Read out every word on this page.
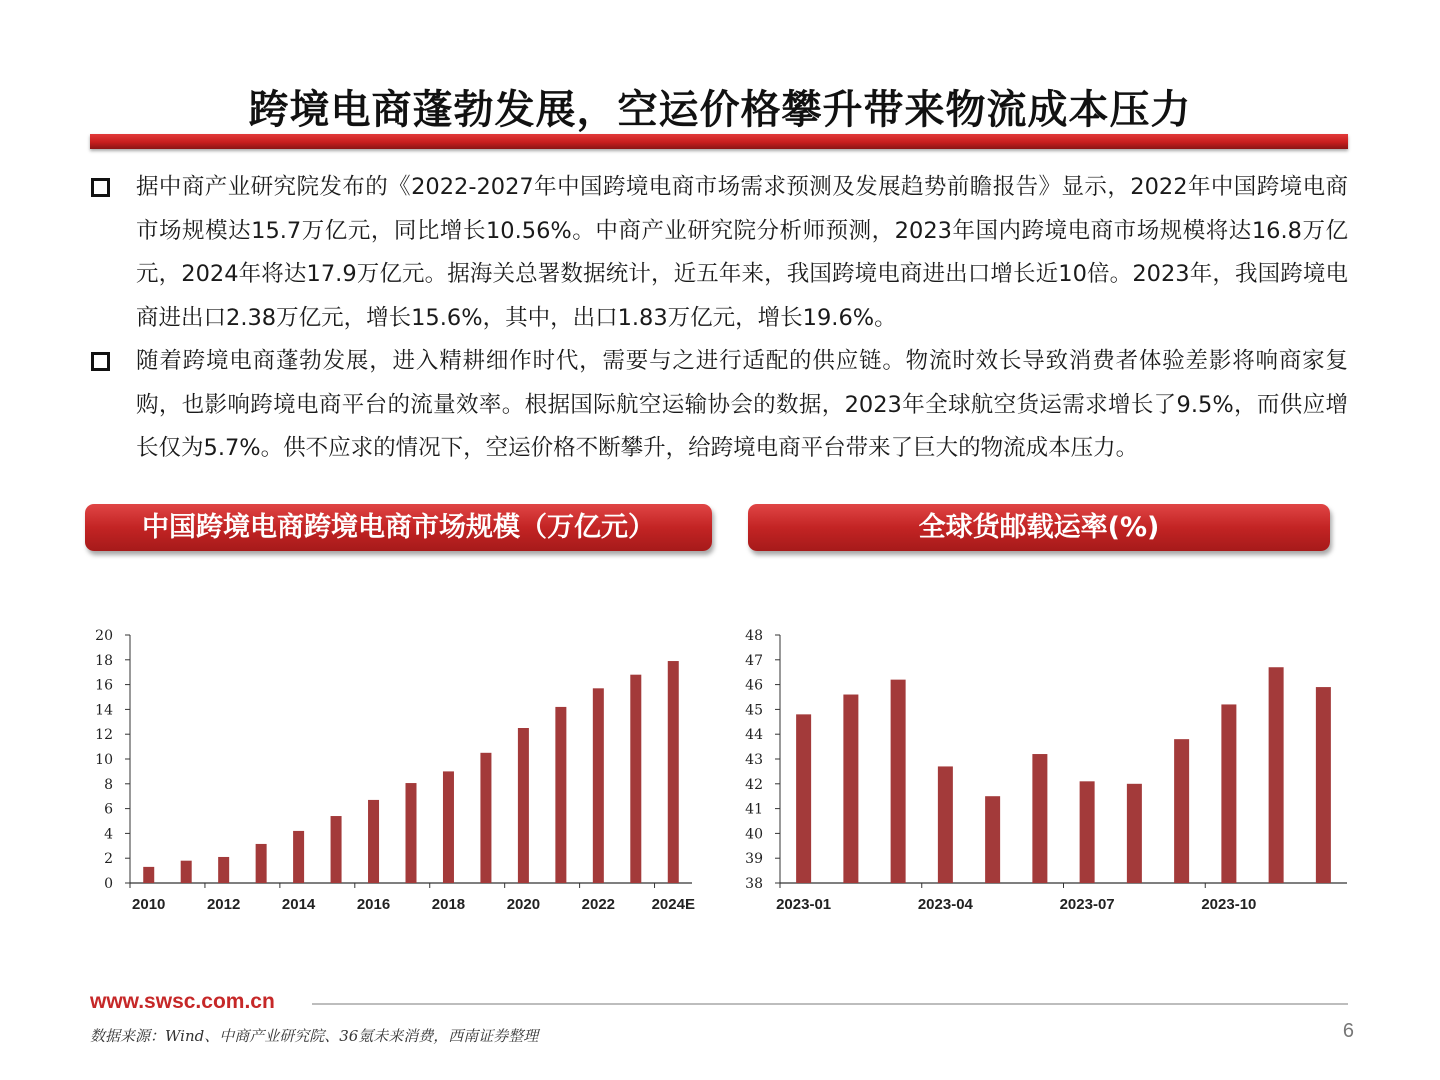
跨境电商蓬勃发展，空运价格攀升带来物流成本压力
据中商产业研究院发布的《2022-2027年中国跨境电商市场需求预测及发展趋势前瞻报告》显示，2022年中国跨境电商市场规模达15.7万亿元，同比增长10.56%。中商产业研究院分析师预测，2023年国内跨境电商市场规模将达16.8万亿元，2024年将达17.9万亿元。据海关总署数据统计，近五年来，我国跨境电商进出口增长近10倍。2023年，我国跨境电商进出口2.38万亿元，增长15.6%，其中，出口1.83万亿元，增长19.6%。
随着跨境电商蓬勃发展，进入精耕细作时代，需要与之进行适配的供应链。物流时效长导致消费者体验差影将响商家复购，也影响跨境电商平台的流量效率。根据国际航空运输协会的数据，2023年全球航空货运需求增长了9.5%，而供应增长仅为5.7%。供不应求的情况下，空运价格不断攀升，给跨境电商平台带来了巨大的物流成本压力。
中国跨境电商跨境电商市场规模（万亿元）	全球货邮载运率(%)
0
2
4
6
8
10
12
14
16
18
20
2010	2012	2014	2016	2018	2020	2022 2024E
38
39
40
41
42
43
44
45
46
47
48
2023-01	2023-04	2023-07	2023-10
www.swsc.com.cn
数据来源：Wind、中商产业研究院、36氪未来消费，西南证券整理	6
